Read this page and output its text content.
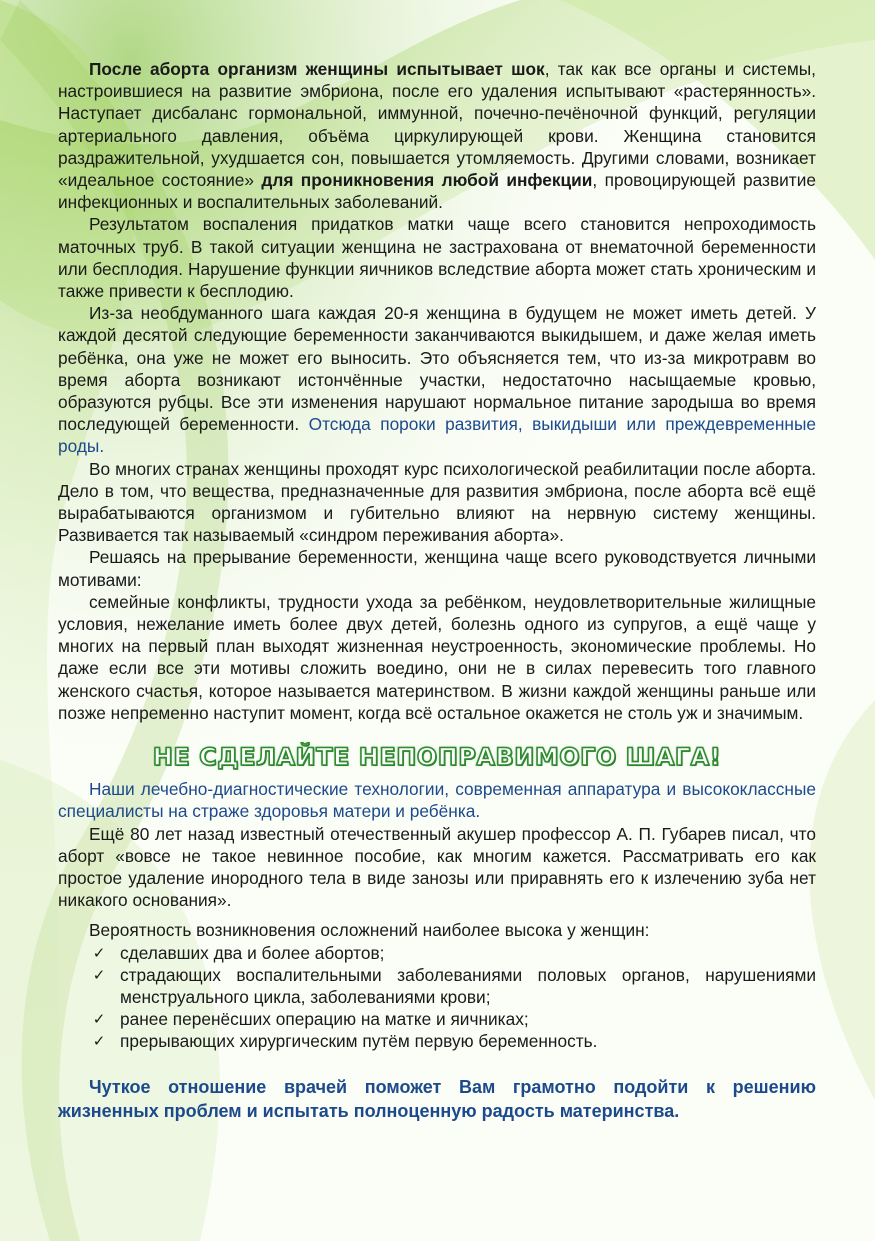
После аборта организм женщины испытывает шок, так как все органы и системы, настроившиеся на развитие эмбриона, после его удаления испытывают «растерянность». Наступает дисбаланс гормональной, иммунной, почечно-печёночной функций, регуляции артериального давления, объёма циркулирующей крови. Женщина становится раздражительной, ухудшается сон, повышается утомляемость. Другими словами, возникает «идеальное состояние» для проникновения любой инфекции, провоцирующей развитие инфекционных и воспалительных заболеваний.

Результатом воспаления придатков матки чаще всего становится непроходимость маточных труб. В такой ситуации женщина не застрахована от внематочной беременности или бесплодия. Нарушение функции яичников вследствие аборта может стать хроническим и также привести к бесплодию.

Из-за необдуманного шага каждая 20-я женщина в будущем не может иметь детей. У каждой десятой следующие беременности заканчиваются выкидышем, и даже желая иметь ребёнка, она уже не может его выносить. Это объясняется тем, что из-за микротравм во время аборта возникают истончённые участки, недостаточно насыщаемые кровью, образуются рубцы. Все эти изменения нарушают нормальное питание зародыша во время последующей беременности. Отсюда пороки развития, выкидыши или преждевременные роды.

Во многих странах женщины проходят курс психологической реабилитации после аборта. Дело в том, что вещества, предназначенные для развития эмбриона, после аборта всё ещё вырабатываются организмом и губительно влияют на нервную систему женщины. Развивается так называемый «синдром переживания аборта».

Решаясь на прерывание беременности, женщина чаще всего руководствуется личными мотивами:

семейные конфликты, трудности ухода за ребёнком, неудовлетворительные жилищные условия, нежелание иметь более двух детей, болезнь одного из супругов, а ещё чаще у многих на первый план выходят жизненная неустроенность, экономические проблемы. Но даже если все эти мотивы сложить воедино, они не в силах перевесить того главного женского счастья, которое называется материнством. В жизни каждой женщины раньше или позже непременно наступит момент, когда всё остальное окажется не столь уж и значимым.

НЕ СДЕЛАЙТЕ НЕПОПРАВИМОГО ШАГА!

Наши лечебно-диагностические технологии, современная аппаратура и высококлассные специалисты на страже здоровья матери и ребёнка.

Ещё 80 лет назад известный отечественный акушер профессор А. П. Губарев писал, что аборт «вовсе не такое невинное пособие, как многим кажется. Рассматривать его как простое удаление инородного тела в виде занозы или приравнять его к излечению зуба нет никакого основания».

Вероятность возникновения осложнений наиболее высока у женщин:

✓ сделавших два и более абортов;
✓ страдающих воспалительными заболеваниями половых органов, нарушениями менструального цикла, заболеваниями крови;
✓ ранее перенёсших операцию на матке и яичниках;
✓ прерывающих хирургическим путём первую беременность.

Чуткое отношение врачей поможет Вам грамотно подойти к решению жизненных проблем и испытать полноценную радость материнства.
